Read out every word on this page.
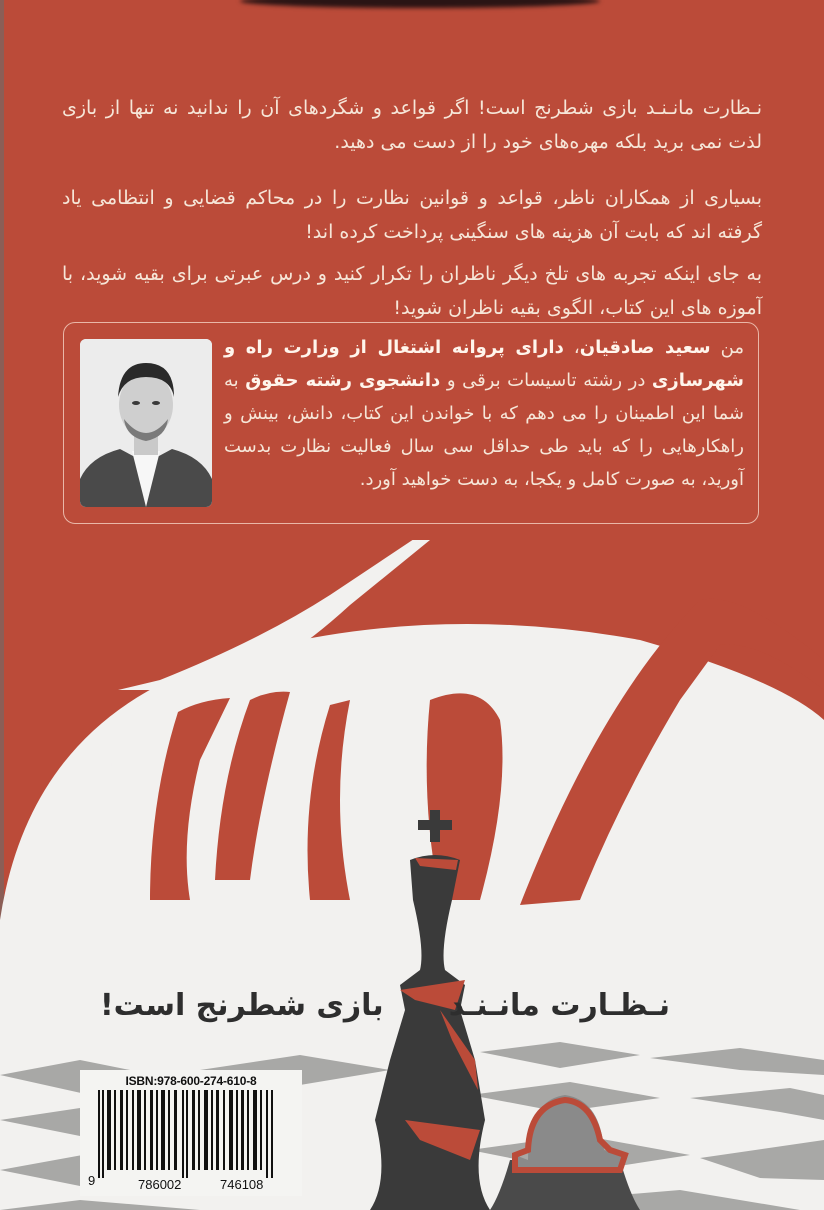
نـظارت مانـنـد بازی شطرنج است! اگر قواعد و شگردهای آن را ندانید نه تنها از بازی لذت نمی برید بلکه مهره‌های خود را از دست می دهید.

بسیاری از همکاران ناظر، قواعد و قوانین نظارت را در محاکم قضایی و انتظامی یاد گرفته اند که بابت آن هزینه های سنگینی پرداخت کرده اند!

به جای اینکه تجربه های تلخ دیگر ناظران را تکرار کنید و درس عبرتی برای بقیه شوید، با آموزه های این کتاب، الگوی بقیه ناظران شوید!

من سعید صادقیان، دارای پروانه اشتغال از وزارت راه و شهرسازی در رشته تاسیسات برقی و دانشجوی رشته حقوق به شما این اطمینان را می دهم که با خواندن این کتاب، دانش، بینش و راهکارهایی را که باید طی حداقل سی سال فعالیت نظارت بدست آورید، به صورت کامل و یکجا، به دست خواهید آورد.
نـظـارت مانـنـد
بازی شطرنج است!
ISBN:978-600-274-610-8
9	786002	746108
